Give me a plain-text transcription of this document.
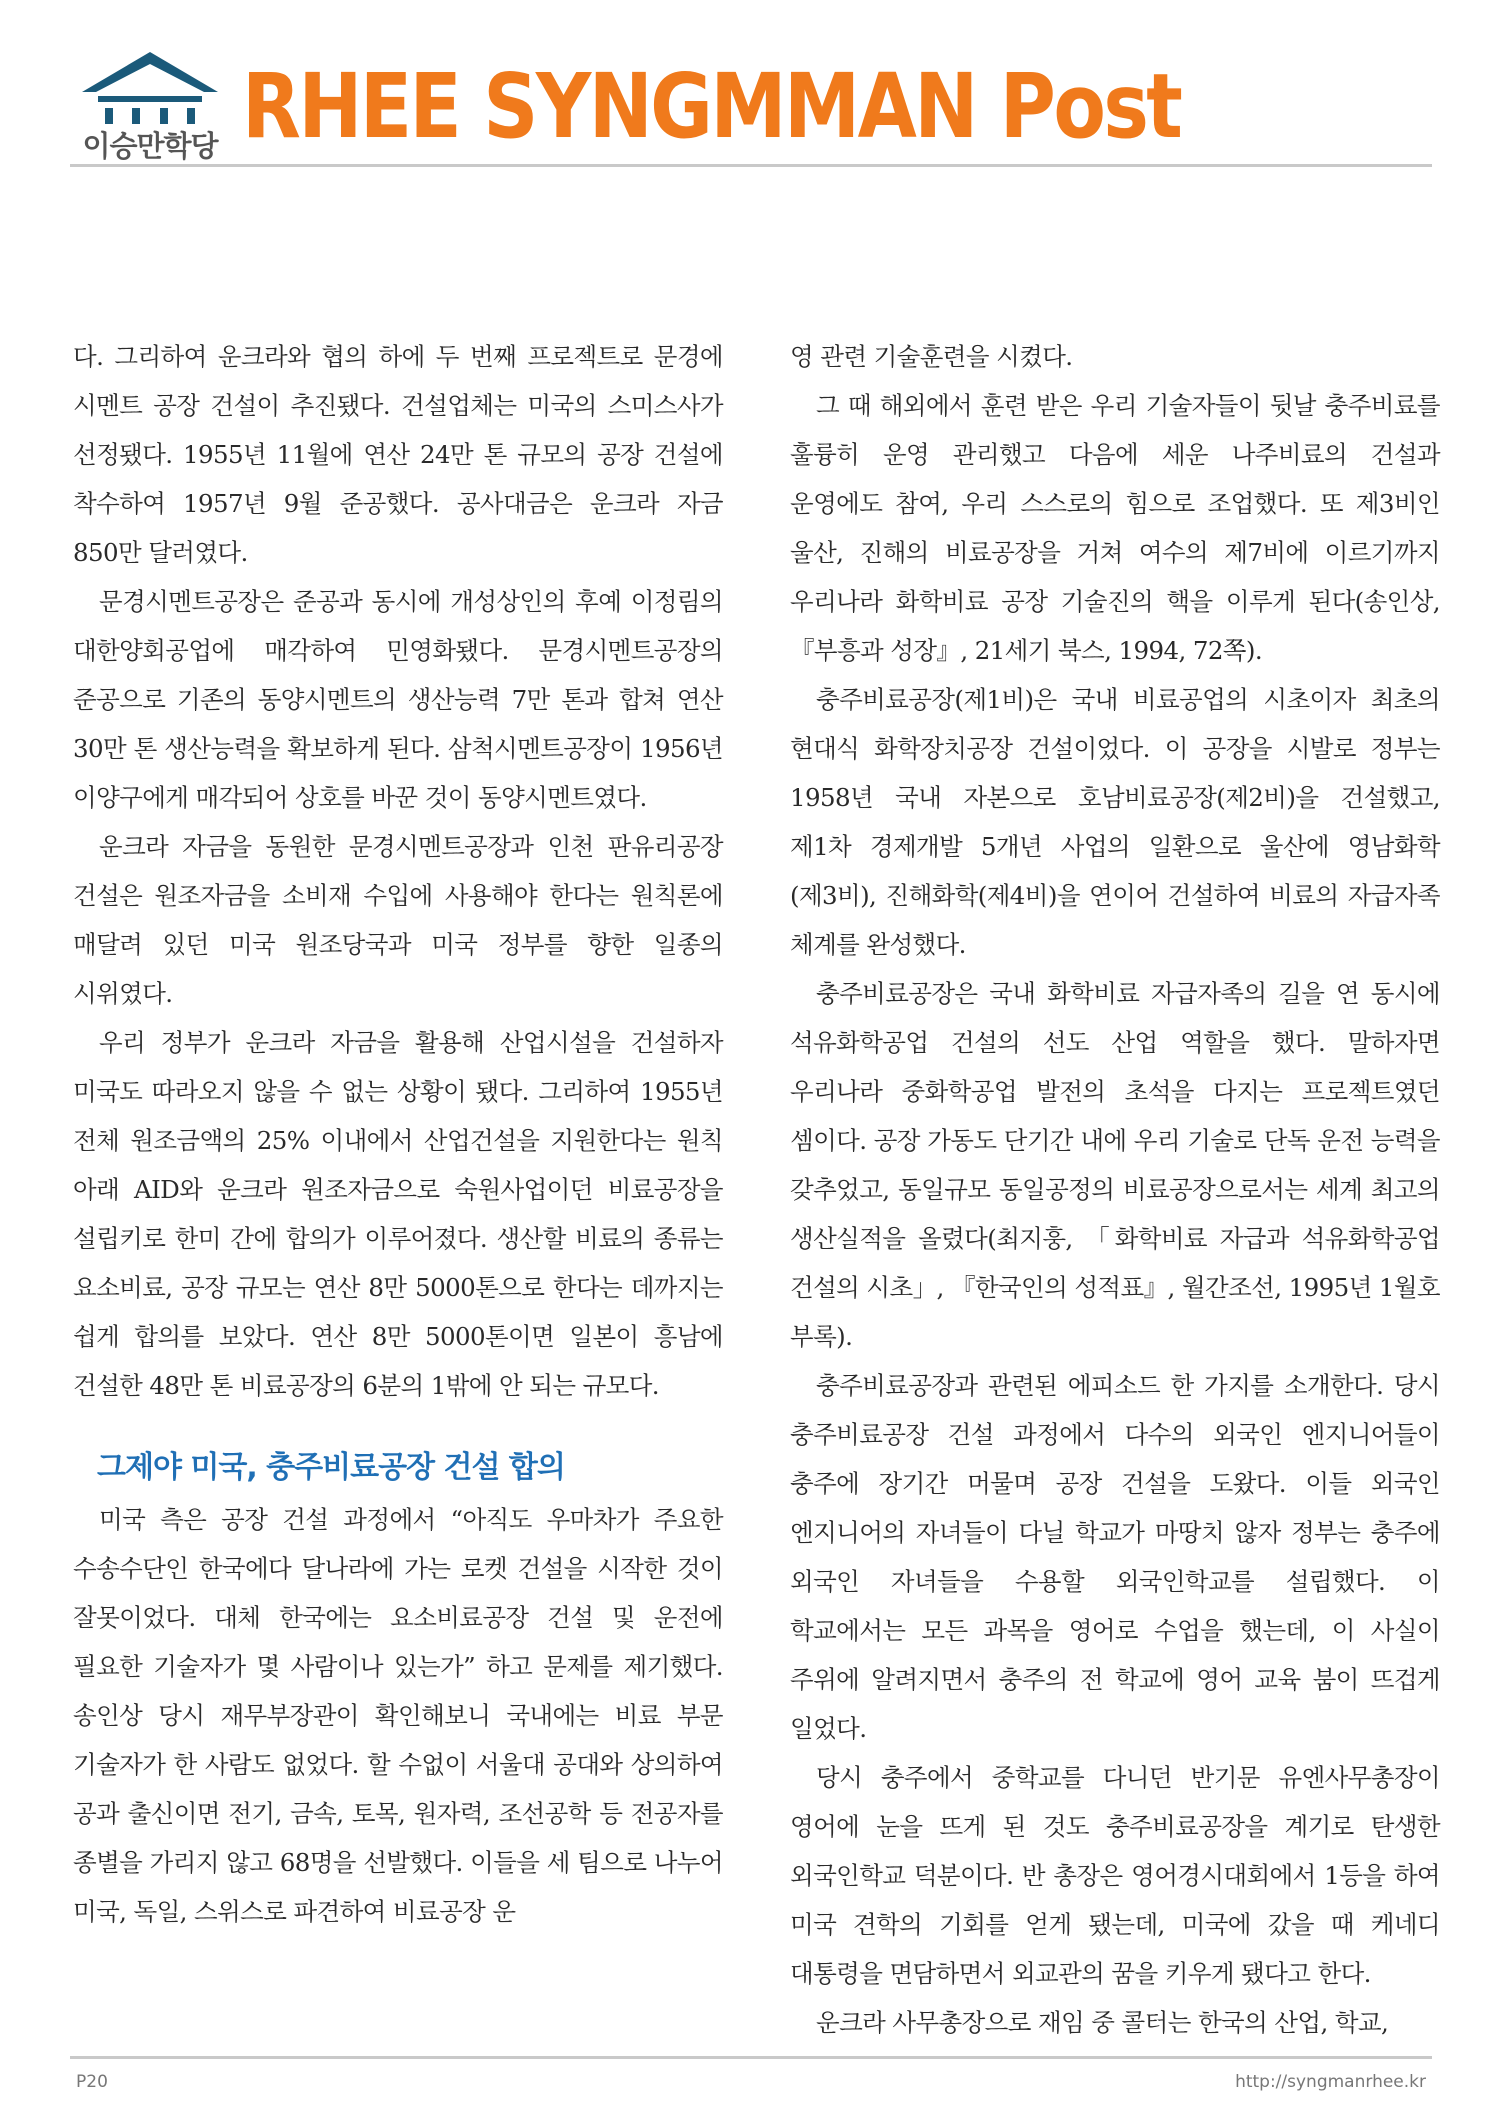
이승만학당 RHEE SYNGMMAN Post

다. 그리하여 운크라와 협의 하에 두 번째 프로젝트로 문경에 시멘트 공장 건설이 추진됐다. 건설업체는 미국의 스미스사가 선정됐다. 1955년 11월에 연산 24만 톤 규모의 공장 건설에 착수하여 1957년 9월 준공했다. 공사대금은 운크라 자금 850만 달러였다.

문경시멘트공장은 준공과 동시에 개성상인의 후예 이정림의 대한양회공업에 매각하여 민영화됐다. 문경시멘트공장의 준공으로 기존의 동양시멘트의 생산능력 7만 톤과 합쳐 연산 30만 톤 생산능력을 확보하게 된다. 삼척시멘트공장이 1956년 이양구에게 매각되어 상호를 바꾼 것이 동양시멘트였다.

운크라 자금을 동원한 문경시멘트공장과 인천 판유리공장 건설은 원조자금을 소비재 수입에 사용해야 한다는 원칙론에 매달려 있던 미국 원조당국과 미국 정부를 향한 일종의 시위였다.

우리 정부가 운크라 자금을 활용해 산업시설을 건설하자 미국도 따라오지 않을 수 없는 상황이 됐다. 그리하여 1955년 전체 원조금액의 25% 이내에서 산업건설을 지원한다는 원칙 아래 AID와 운크라 원조자금으로 숙원사업이던 비료공장을 설립키로 한미 간에 합의가 이루어졌다. 생산할 비료의 종류는 요소비료, 공장 규모는 연산 8만 5000톤으로 한다는 데까지는 쉽게 합의를 보았다. 연산 8만 5000톤이면 일본이 흥남에 건설한 48만 톤 비료공장의 6분의 1밖에 안 되는 규모다.

그제야 미국, 충주비료공장 건설 합의

미국 측은 공장 건설 과정에서 “아직도 우마차가 주요한 수송수단인 한국에다 달나라에 가는 로켓 건설을 시작한 것이 잘못이었다. 대체 한국에는 요소비료공장 건설 및 운전에 필요한 기술자가 몇 사람이나 있는가” 하고 문제를 제기했다. 송인상 당시 재무부장관이 확인해보니 국내에는 비료 부문 기술자가 한 사람도 없었다. 할 수없이 서울대 공대와 상의하여 공과 출신이면 전기, 금속, 토목, 원자력, 조선공학 등 전공자를 종별을 가리지 않고 68명을 선발했다. 이들을 세 팀으로 나누어 미국, 독일, 스위스로 파견하여 비료공장 운

영 관련 기술훈련을 시켰다.

그 때 해외에서 훈련 받은 우리 기술자들이 뒷날 충주비료를 훌륭히 운영 관리했고 다음에 세운 나주비료의 건설과 운영에도 참여, 우리 스스로의 힘으로 조업했다. 또 제3비인 울산, 진해의 비료공장을 거쳐 여수의 제7비에 이르기까지 우리나라 화학비료 공장 기술진의 핵을 이루게 된다(송인상, 『부흥과 성장』, 21세기 북스, 1994, 72쪽).

충주비료공장(제1비)은 국내 비료공업의 시초이자 최초의 현대식 화학장치공장 건설이었다. 이 공장을 시발로 정부는 1958년 국내 자본으로 호남비료공장(제2비)을 건설했고, 제1차 경제개발 5개년 사업의 일환으로 울산에 영남화학(제3비), 진해화학(제4비)을 연이어 건설하여 비료의 자급자족 체계를 완성했다.

충주비료공장은 국내 화학비료 자급자족의 길을 연 동시에 석유화학공업 건설의 선도 산업 역할을 했다. 말하자면 우리나라 중화학공업 발전의 초석을 다지는 프로젝트였던 셈이다. 공장 가동도 단기간 내에 우리 기술로 단독 운전 능력을 갖추었고, 동일규모 동일공정의 비료공장으로서는 세계 최고의 생산실적을 올렸다(최지훙, 「화학비료 자급과 석유화학공업 건설의 시초」, 『한국인의 성적표』, 월간조선, 1995년 1월호 부록).

충주비료공장과 관련된 에피소드 한 가지를 소개한다. 당시 충주비료공장 건설 과정에서 다수의 외국인 엔지니어들이 충주에 장기간 머물며 공장 건설을 도왔다. 이들 외국인 엔지니어의 자녀들이 다닐 학교가 마땅치 않자 정부는 충주에 외국인 자녀들을 수용할 외국인학교를 설립했다. 이 학교에서는 모든 과목을 영어로 수업을 했는데, 이 사실이 주위에 알려지면서 충주의 전 학교에 영어 교육 붐이 뜨겁게 일었다.

당시 충주에서 중학교를 다니던 반기문 유엔사무총장이 영어에 눈을 뜨게 된 것도 충주비료공장을 계기로 탄생한 외국인학교 덕분이다. 반 총장은 영어경시대회에서 1등을 하여 미국 견학의 기회를 얻게 됐는데, 미국에 갔을 때 케네디 대통령을 면담하면서 외교관의 꿈을 키우게 됐다고 한다.

운크라 사무총장으로 재임 중 콜터는 한국의 산업, 학교,

P20	http://syngmanrhee.kr
